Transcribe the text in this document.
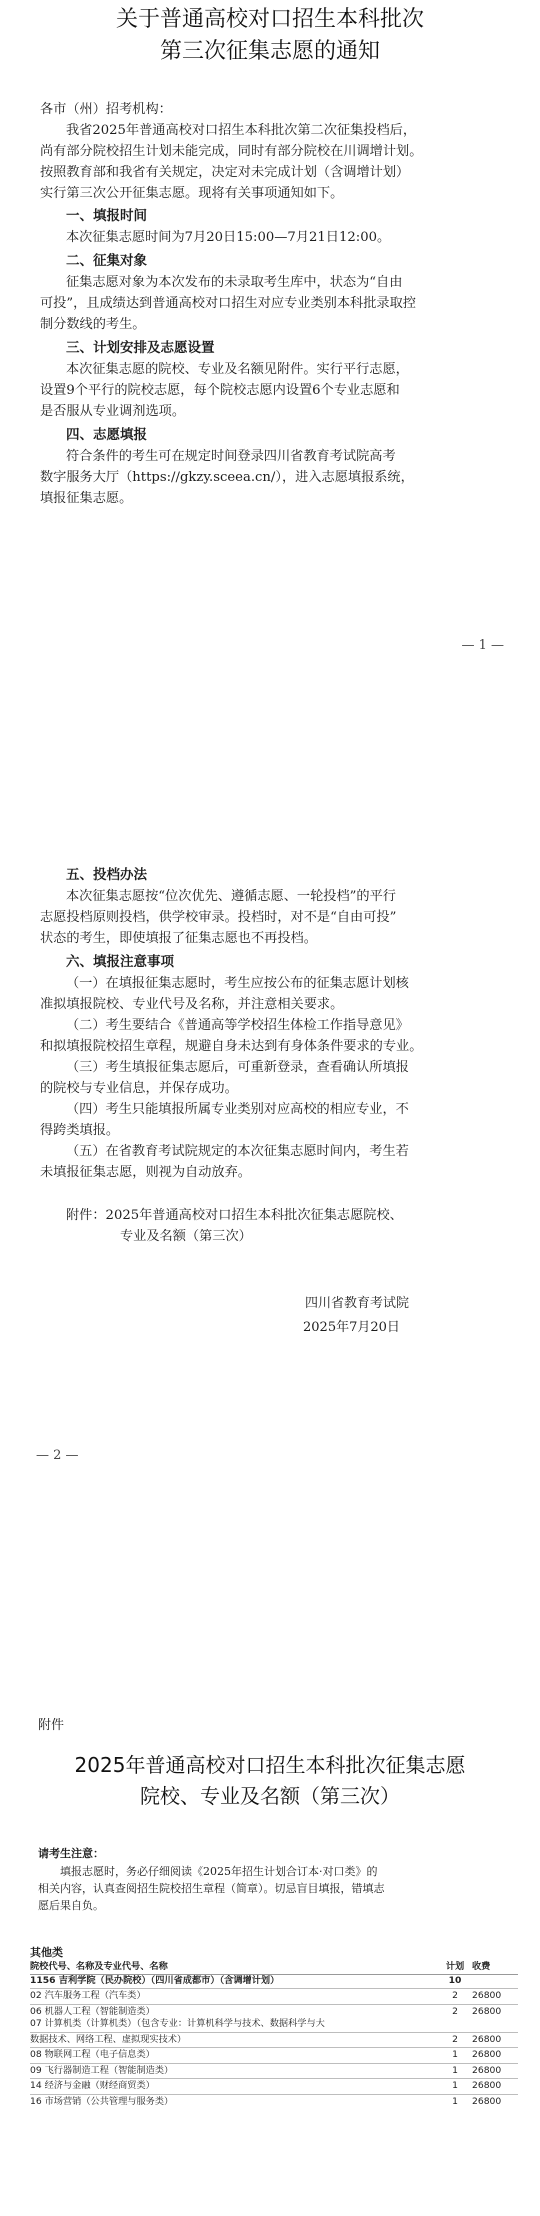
关于普通高校对口招生本科批次
第三次征集志愿的通知
各市（州）招考机构：
我省2025年普通高校对口招生本科批次第二次征集投档后，
尚有部分院校招生计划未能完成，同时有部分院校在川调增计划。
按照教育部和我省有关规定，决定对未完成计划（含调增计划）
实行第三次公开征集志愿。现将有关事项通知如下。
一、填报时间
本次征集志愿时间为7月20日15:00—7月21日12:00。
二、征集对象
征集志愿对象为本次发布的未录取考生库中，状态为“自由
可投”，且成绩达到普通高校对口招生对应专业类别本科批录取控
制分数线的考生。
三、计划安排及志愿设置
本次征集志愿的院校、专业及名额见附件。实行平行志愿，
设置9个平行的院校志愿，每个院校志愿内设置6个专业志愿和
是否服从专业调剂选项。
四、志愿填报
符合条件的考生可在规定时间登录四川省教育考试院高考
数字服务大厅（https://gkzy.sceea.cn/），进入志愿填报系统，
填报征集志愿。
— 1 —
五、投档办法
本次征集志愿按“位次优先、遵循志愿、一轮投档”的平行
志愿投档原则投档，供学校审录。投档时，对不是“自由可投”
状态的考生，即使填报了征集志愿也不再投档。
六、填报注意事项
（一）在填报征集志愿时，考生应按公布的征集志愿计划核
准拟填报院校、专业代号及名称，并注意相关要求。
（二）考生要结合《普通高等学校招生体检工作指导意见》
和拟填报院校招生章程，规避自身未达到有身体条件要求的专业。
（三）考生填报征集志愿后，可重新登录，查看确认所填报
的院校与专业信息，并保存成功。
（四）考生只能填报所属专业类别对应高校的相应专业，不
得跨类填报。
（五）在省教育考试院规定的本次征集志愿时间内，考生若
未填报征集志愿，则视为自动放弃。
附件：2025年普通高校对口招生本科批次征集志愿院校、
专业及名额（第三次）
四川省教育考试院
2025年7月20日
— 2 —
附件
2025年普通高校对口招生本科批次征集志愿
院校、专业及名额（第三次）
请考生注意：
填报志愿时，务必仔细阅读《2025年招生计划合订本·对口类》的
相关内容，认真查阅招生院校招生章程（简章）。切忌盲目填报，错填志
愿后果自负。
其他类
院校代号、名称及专业代号、名称	计划 收费
1156 吉利学院（民办院校）（四川省成都市）（含调增计划）	10
02 汽车服务工程（汽车类）	2	26800
06 机器人工程（智能制造类）	2	26800
07 计算机类（计算机类）（包含专业：计算机科学与技术、数据科学与大
数据技术、网络工程、虚拟现实技术）	2	26800
08 物联网工程（电子信息类）	1	26800
09 飞行器制造工程（智能制造类）	1	26800
14 经济与金融（财经商贸类）	1	26800
16 市场营销（公共管理与服务类）	1	26800
